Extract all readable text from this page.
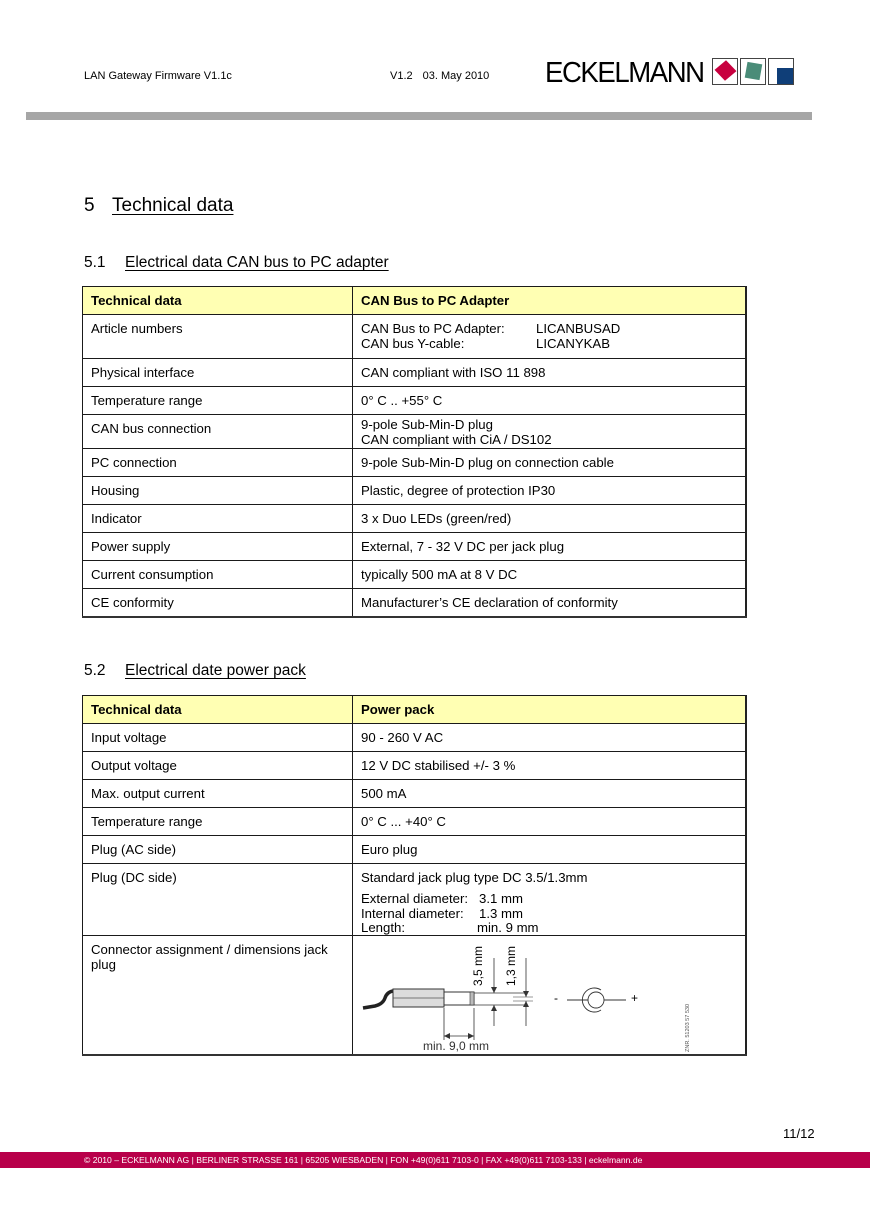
LAN Gateway Firmware V1.1c	V1.2 03. May 2010 ECKELMANN
5 Technical data
5.1 Electrical data CAN bus to PC adapter
Technical data	CAN Bus to PC Adapter
Article numbers	CAN Bus to PC Adapter: LICANBUSAD
CAN bus Y-cable: LICANYKAB

Physical interface	CAN compliant with ISO 11 898
Temperature range	0° C .. +55° C
CAN bus connection	9-pole Sub-Min-D plug
CAN compliant with CiA / DS102

PC connection	9-pole Sub-Min-D plug on connection cable
Housing	Plastic, degree of protection IP30
Indicator	3 x Duo LEDs (green/red)
Power supply	External, 7 - 32 V DC per jack plug
Current consumption	typically 500 mA at 8 V DC
CE conformity	Manufacturer’s CE declaration of conformity
5.2 Electrical date power pack
Technical data	Power pack
Input voltage	90 - 260 V AC
Output voltage	12 V DC stabilised +/- 3 %
Max. output current	500 mA
Temperature range	0° C ... +40° C
Plug (AC side)	Euro plug
Plug (DC side)	Standard jack plug type DC 3.5/1.3mm
External diameter: 3.1 mm
Internal diameter:	1.3 mm
Length:	min. 9 mm

Connector assignment / dimensions jack plug	3,5 mm 1,3 mm
min. 9,0 mm
-	+
ZNR. 51203 57 530
11/12
© 2010 – ECKELMANN AG | BERLINER STRASSE 161 | 65205 WIESBADEN | FON +49(0)611 7103-0 | FAX +49(0)611 7103-133 | eckelmann.de
